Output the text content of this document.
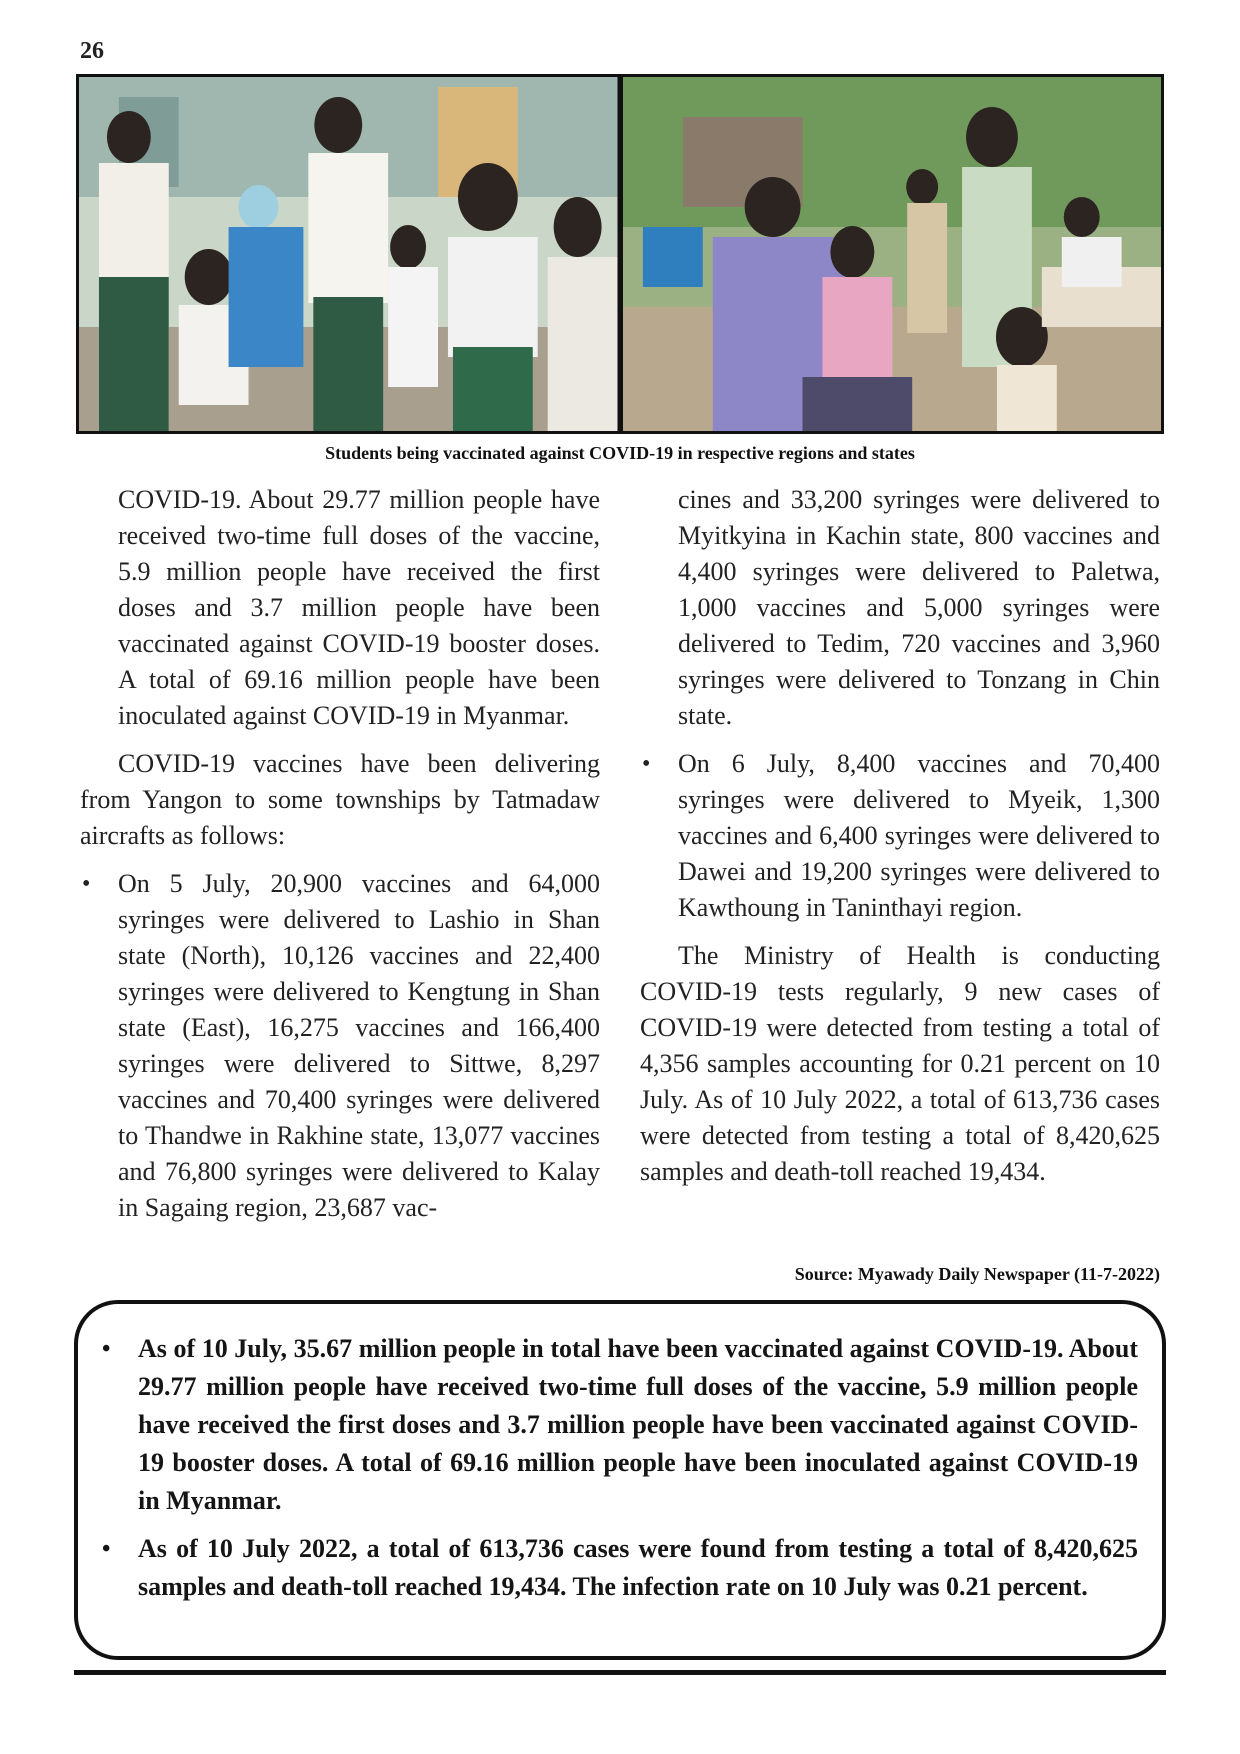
26
Students being vaccinated against COVID-19 in respective regions and states

COVID-19. About 29.77 million people have received two-time full doses of the vaccine, 5.9 million people have received the first doses and 3.7 million people have been vaccinated against COVID-19 booster doses. A total of 69.16 million people have been inoculated against COVID-19 in Myanmar.

COVID-19 vaccines have been delivering from Yangon to some townships by Tatmadaw aircrafts as follows:

• On 5 July, 20,900 vaccines and 64,000 syringes were delivered to Lashio in Shan state (North), 10,126 vaccines and 22,400 syringes were delivered to Kengtung in Shan state (East), 16,275 vaccines and 166,400 syringes were delivered to Sittwe, 8,297 vaccines and 70,400 syringes were delivered to Thandwe in Rakhine state, 13,077 vaccines and 76,800 syringes were delivered to Kalay in Sagaing region, 23,687 vac-

cines and 33,200 syringes were delivered to Myitkyina in Kachin state, 800 vaccines and 4,400 syringes were delivered to Paletwa, 1,000 vaccines and 5,000 syringes were delivered to Tedim, 720 vaccines and 3,960 syringes were delivered to Tonzang in Chin state.

• On 6 July, 8,400 vaccines and 70,400 syringes were delivered to Myeik, 1,300 vaccines and 6,400 syringes were delivered to Dawei and 19,200 syringes were delivered to Kawthoung in Taninthayi region.

The Ministry of Health is conducting COVID-19 tests regularly, 9 new cases of COVID-19 were detected from testing a total of 4,356 samples accounting for 0.21 percent on 10 July. As of 10 July 2022, a total of 613,736 cases were detected from testing a total of 8,420,625 samples and death-toll reached 19,434.

Source: Myawady Daily Newspaper (11-7-2022)
• As of 10 July, 35.67 million people in total have been vaccinated against COVID-19. About 29.77 million people have received two-time full doses of the vaccine, 5.9 million people have received the first doses and 3.7 million people have been vaccinated against COVID-19 booster doses. A total of 69.16 million people have been inoculated against COVID-19 in Myanmar.
• As of 10 July 2022, a total of 613,736 cases were found from testing a total of 8,420,625 samples and death-toll reached 19,434. The infection rate on 10 July was 0.21 percent.
